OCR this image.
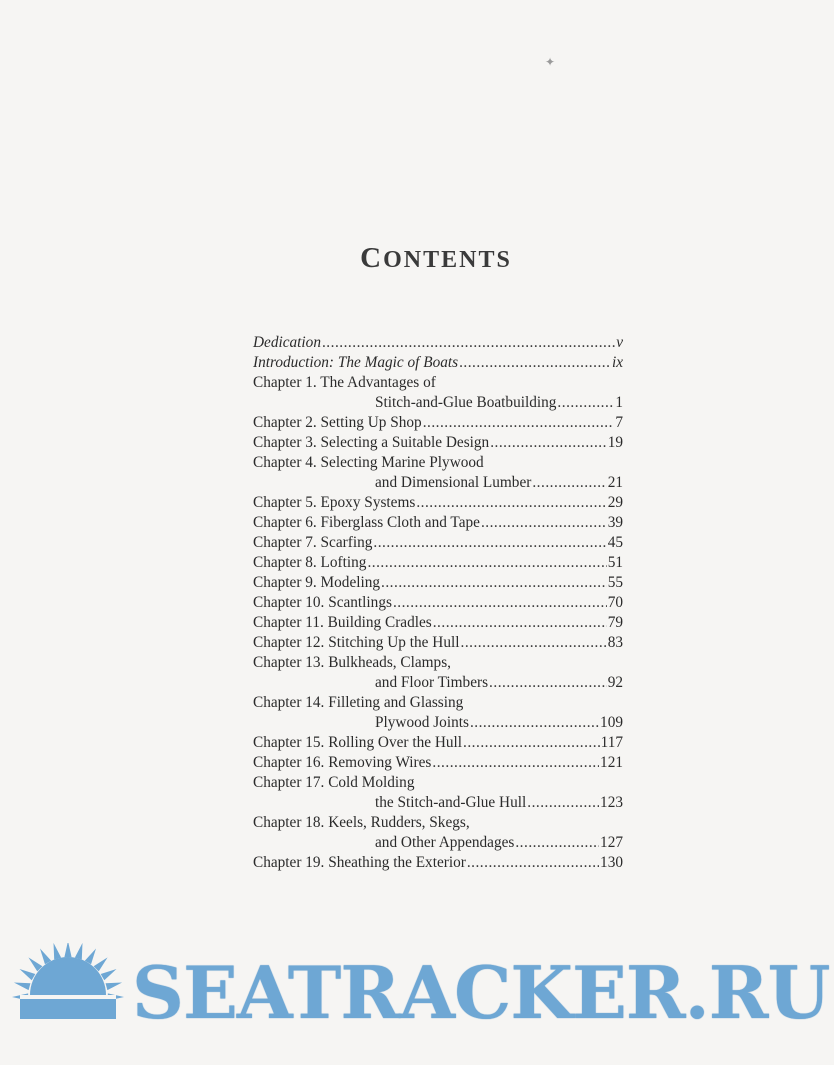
✦
CONTENTS
Dedication .....	v
Introduction: The Magic of Boats .....	ix
Chapter 1. The Advantages of
Stitch-and-Glue Boatbuilding .....	1
Chapter 2. Setting Up Shop .....	7
Chapter 3. Selecting a Suitable Design .....	19
Chapter 4. Selecting Marine Plywood
and Dimensional Lumber .....	21
Chapter 5. Epoxy Systems .....	29
Chapter 6. Fiberglass Cloth and Tape .....	39
Chapter 7. Scarfing .....	45
Chapter 8. Lofting .....	51
Chapter 9. Modeling .....	55
Chapter 10. Scantlings .....	70
Chapter 11. Building Cradles .....	79
Chapter 12. Stitching Up the Hull .....	83
Chapter 13. Bulkheads, Clamps,
and Floor Timbers .....	92
Chapter 14. Filleting and Glassing
Plywood Joints .....	109
Chapter 15. Rolling Over the Hull .....	117
Chapter 16. Removing Wires .....	121
Chapter 17. Cold Molding
the Stitch-and-Glue Hull .....	123
Chapter 18. Keels, Rudders, Skegs,
and Other Appendages .....	127
Chapter 19. Sheathing the Exterior .....	130
SEATRACKER.RU
